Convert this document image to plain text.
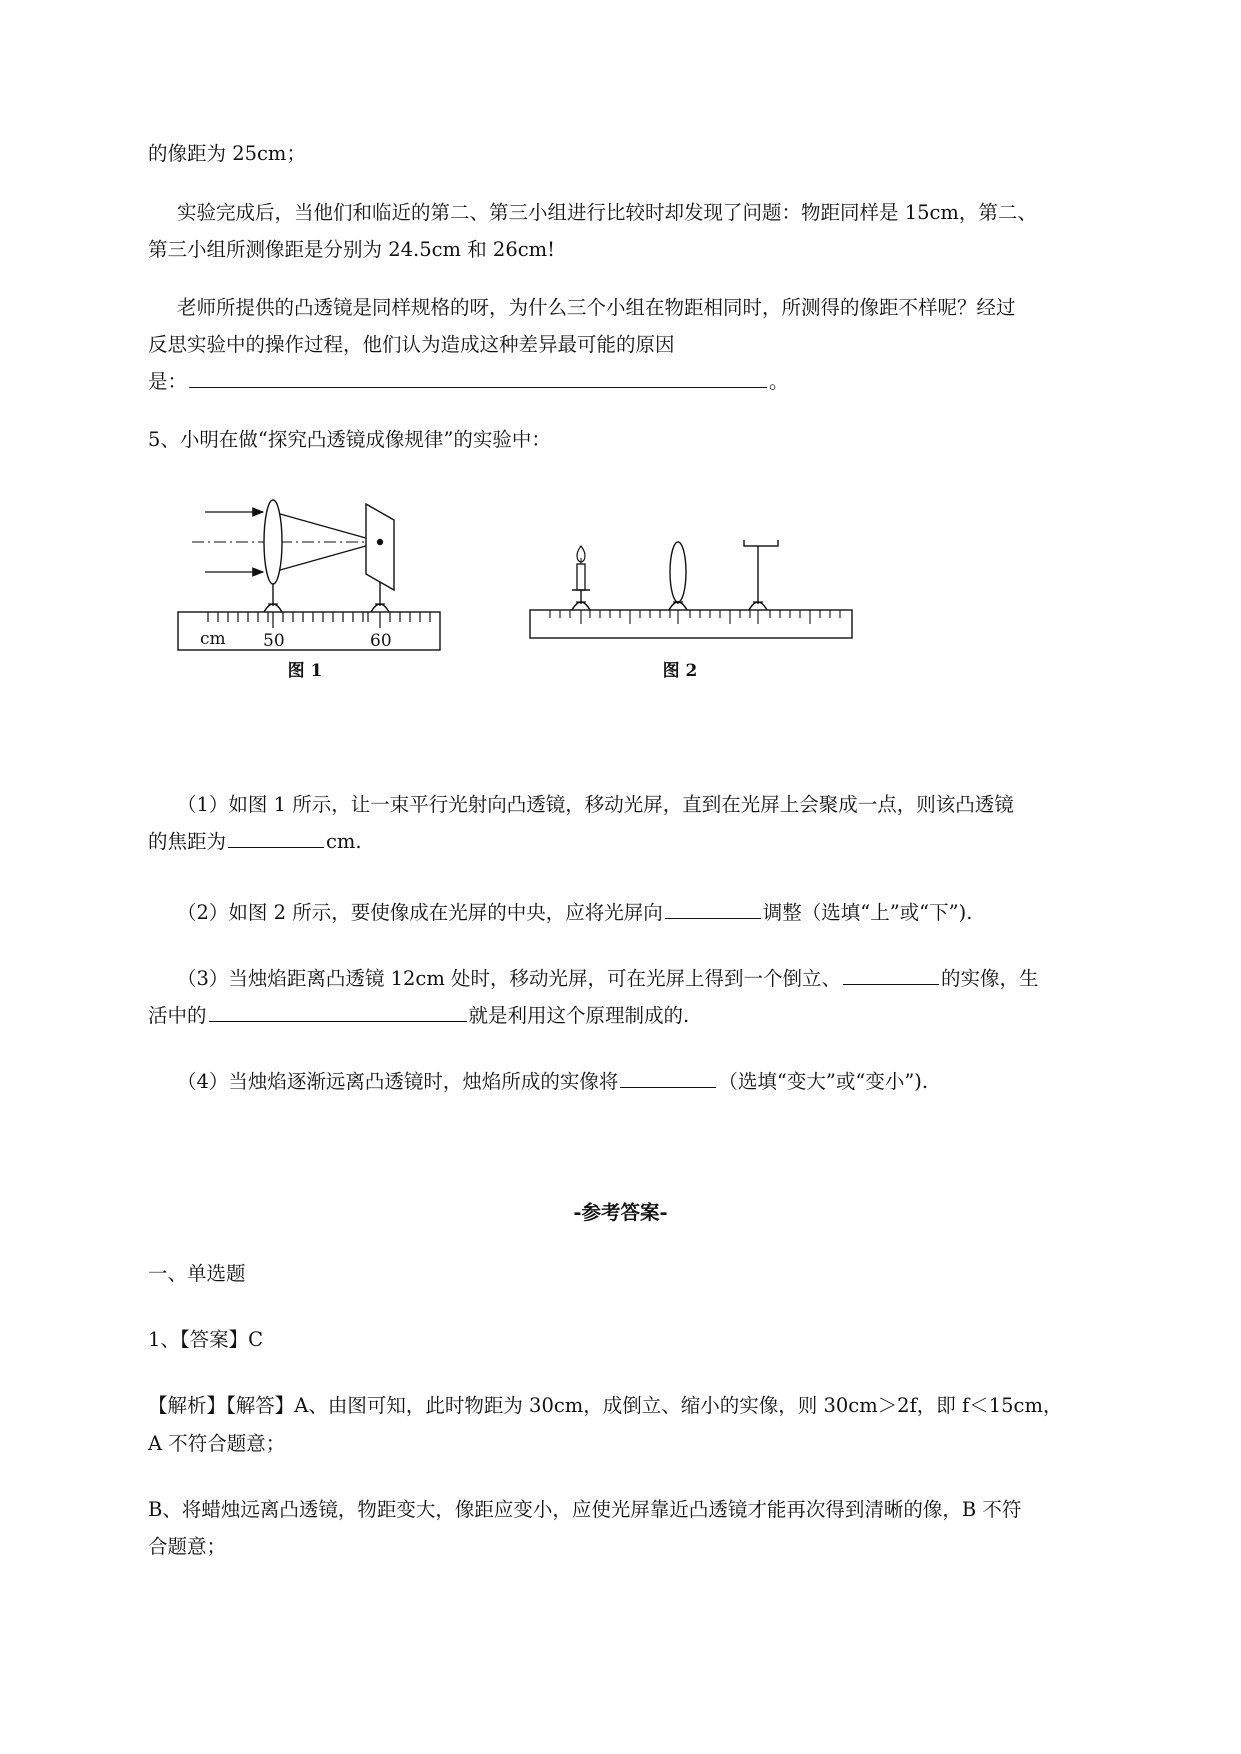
的像距为 25cm；
实验完成后，当他们和临近的第二、第三小组进行比较时却发现了问题：物距同样是 15cm，第二、
第三小组所测像距是分别为 24.5cm 和 26cm!
老师所提供的凸透镜是同样规格的呀，为什么三个小组在物距相同时，所测得的像距不样呢？经过
反思实验中的操作过程，他们认为造成这种差异最可能的原因
是：	。
5、小明在做“探究凸透镜成像规律”的实验中：
cm 50	60
图 1	图 2
（1）如图 1 所示，让一束平行光射向凸透镜，移动光屏，直到在光屏上会聚成一点，则该凸透镜
的焦距为	cm.
（2）如图 2 所示，要使像成在光屏的中央，应将光屏向	调整（选填“上”或“下”).
（3）当烛焰距离凸透镜 12cm 处时，移动光屏，可在光屏上得到一个倒立、	的实像，生
活中的	就是利用这个原理制成的.
（4）当烛焰逐渐远离凸透镜时，烛焰所成的实像将	（选填“变大”或“变小”).
-参考答案-
一、单选题
1、【答案】C
【解析】【解答】A、由图可知，此时物距为 30cm，成倒立、缩小的实像，则 30cm＞2f，即 f＜15cm，
A 不符合题意；
B、将蜡烛远离凸透镜，物距变大，像距应变小，应使光屏靠近凸透镜才能再次得到清晰的像，B 不符
合题意；
